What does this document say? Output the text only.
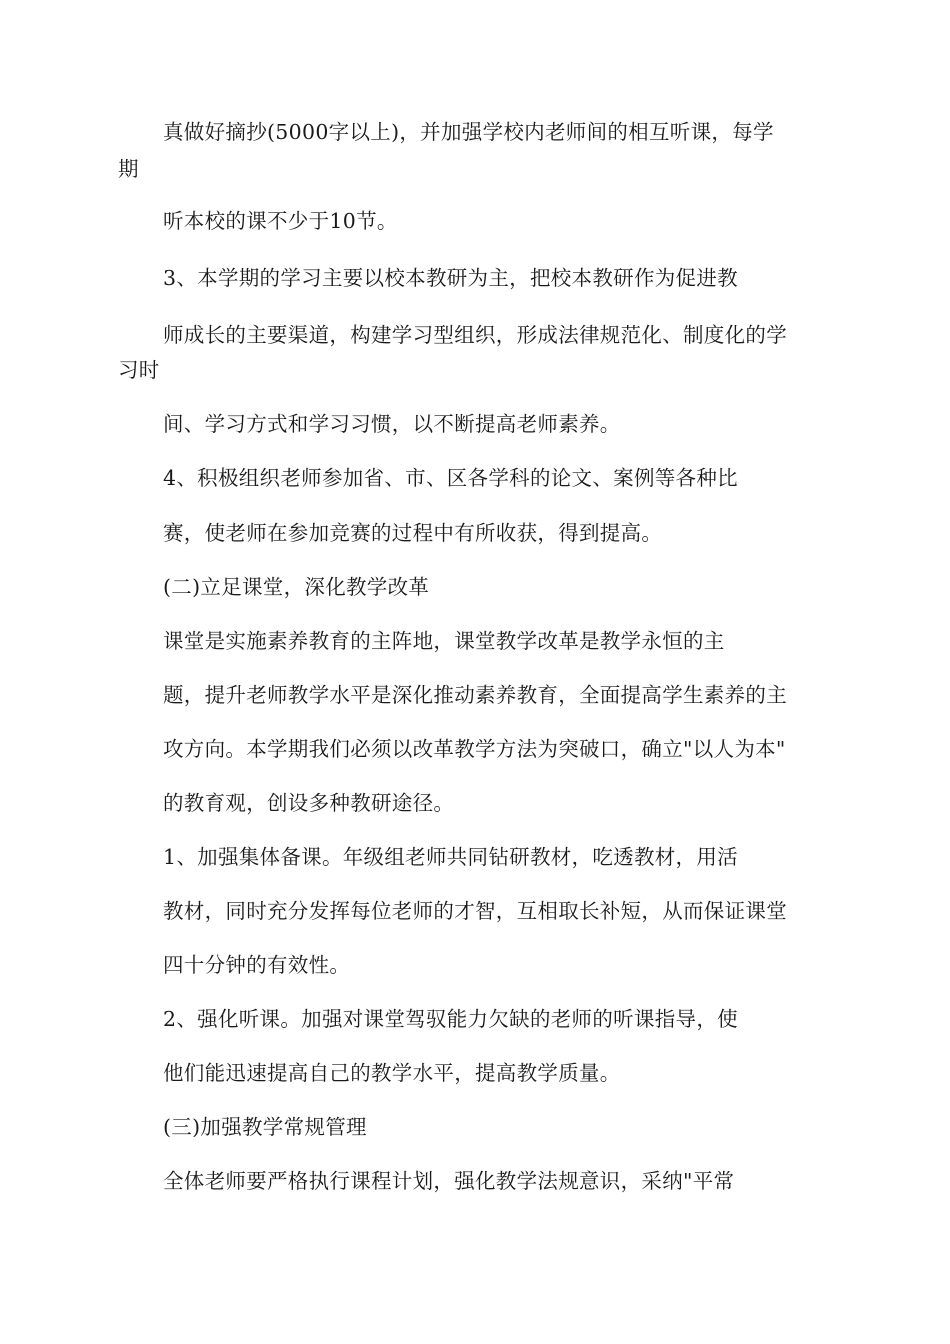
真做好摘抄(5000字以上)，并加强学校内老师间的相互听课，每学
期
听本校的课不少于10节。
3、本学期的学习主要以校本教研为主，把校本教研作为促进教
师成长的主要渠道，构建学习型组织，形成法律规范化、制度化的学
习时
间、学习方式和学习习惯，以不断提高老师素养。
4、积极组织老师参加省、市、区各学科的论文、案例等各种比
赛，使老师在参加竞赛的过程中有所收获，得到提高。
(二)立足课堂，深化教学改革
课堂是实施素养教育的主阵地，课堂教学改革是教学永恒的主
题，提升老师教学水平是深化推动素养教育，全面提高学生素养的主
攻方向。本学期我们必须以改革教学方法为突破口，确立"以人为本"
的教育观，创设多种教研途径。
1、加强集体备课。年级组老师共同钻研教材，吃透教材，用活
教材，同时充分发挥每位老师的才智，互相取长补短，从而保证课堂
四十分钟的有效性。
2、强化听课。加强对课堂驾驭能力欠缺的老师的听课指导，使
他们能迅速提高自己的教学水平，提高教学质量。
(三)加强教学常规管理
全体老师要严格执行课程计划，强化教学法规意识，采纳"平常
